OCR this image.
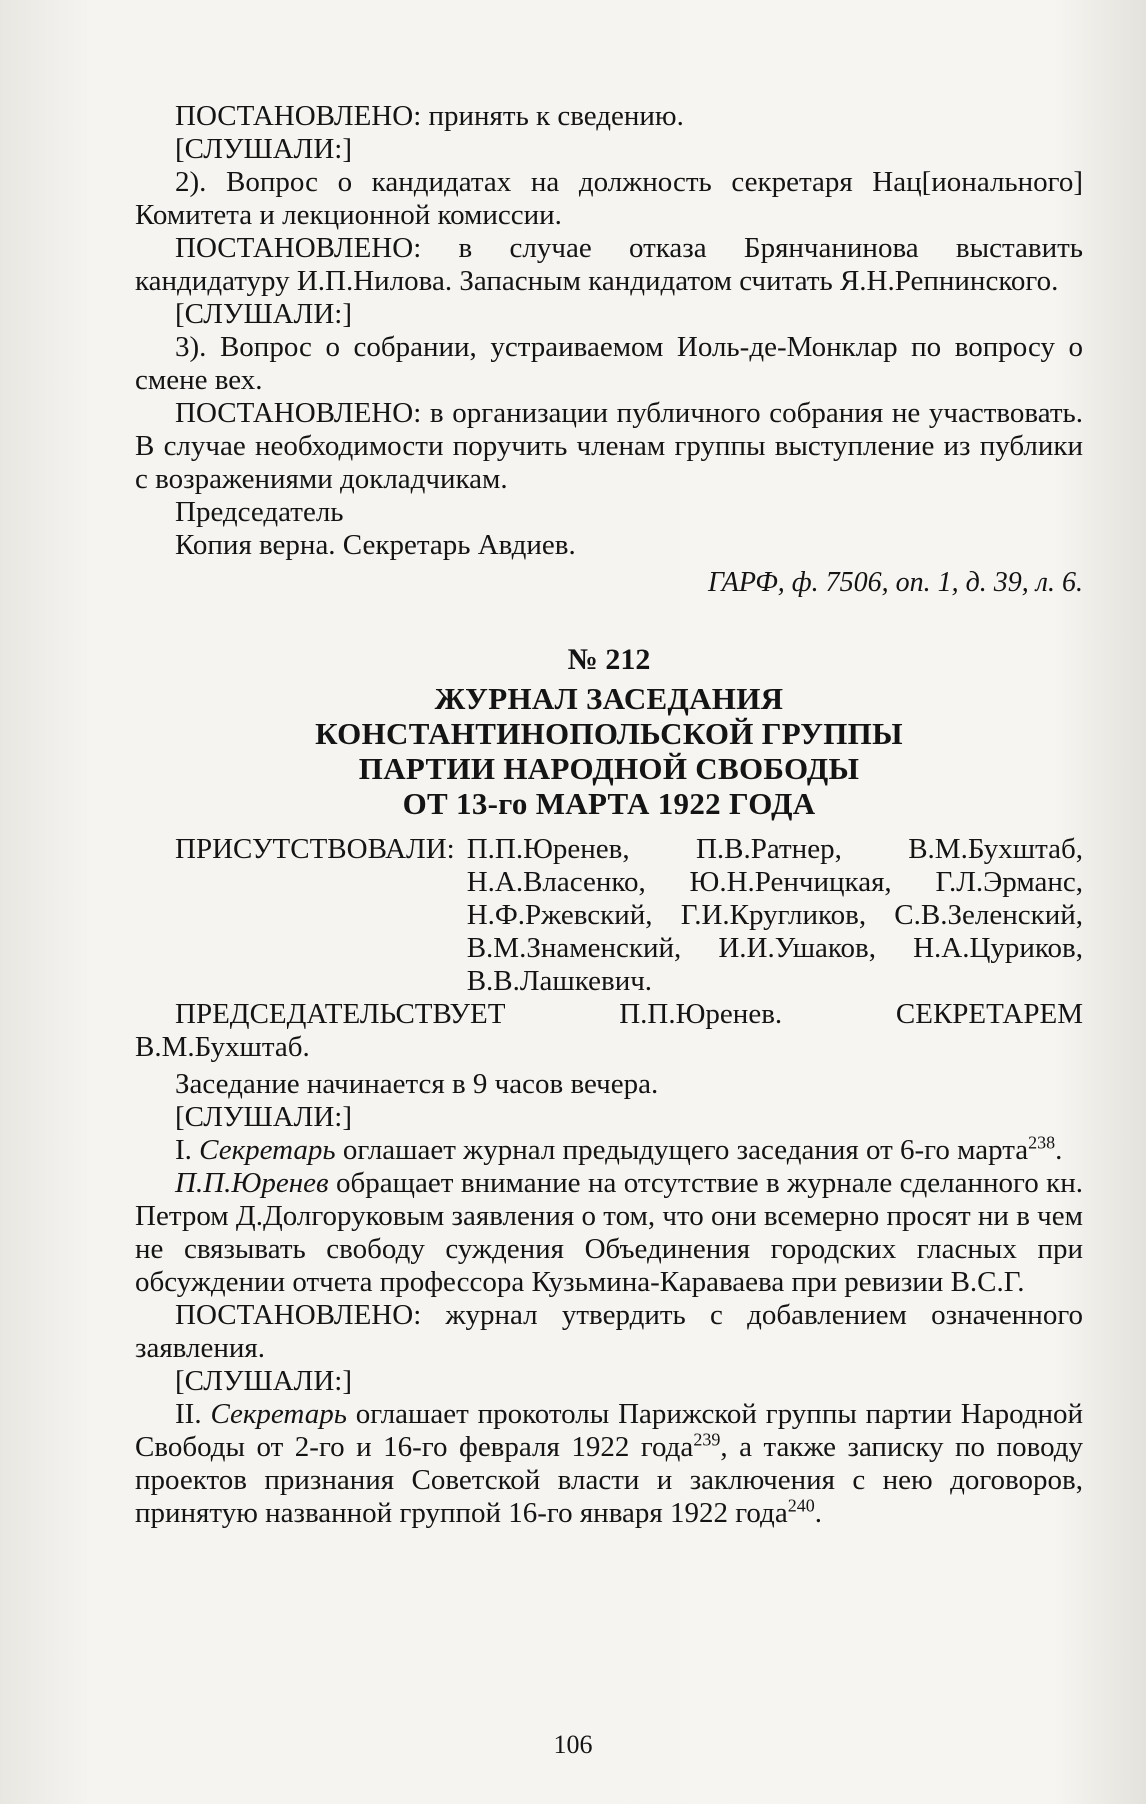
ПОСТАНОВЛЕНО: принять к сведению.

[СЛУШАЛИ:]

2). Вопрос о кандидатах на должность секретаря Нац[ионального] Комитета и лекционной комиссии.

ПОСТАНОВЛЕНО: в случае отказа Брянчанинова выставить кандидатуру И.П.Нилова. Запасным кандидатом считать Я.Н.Репнинского.

[СЛУШАЛИ:]

3). Вопрос о собрании, устраиваемом Иоль-де-Монклар по вопросу о смене вех.

ПОСТАНОВЛЕНО: в организации публичного собрания не участвовать. В случае необходимости поручить членам группы выступление из публики с возражениями докладчикам.

Председатель

Копия верна. Секретарь Авдиев.

ГАРФ, ф. 7506, оп. 1, д. 39, л. 6.

№ 212

ЖУРНАЛ ЗАСЕДАНИЯ

КОНСТАНТИНОПОЛЬСКОЙ ГРУППЫ

ПАРТИИ НАРОДНОЙ СВОБОДЫ

ОТ 13-го МАРТА 1922 ГОДА

ПРИСУТСТВОВАЛИ: П.П.Юренев, П.В.Ратнер, В.М.Бухштаб, Н.А.Власенко, Ю.Н.Ренчицкая, Г.Л.Эрманс, Н.Ф.Ржевский, Г.И.Кругликов, С.В.Зеленский, В.М.Знаменский, И.И.Ушаков, Н.А.Цуриков, В.В.Лашкевич.
ПРЕДСЕДАТЕЛЬСТВУЕТ	П.П.Юренев.	СЕКРЕТАРЕМ

В.М.Бухштаб.

Заседание начинается в 9 часов вечера.

[СЛУШАЛИ:]

I. Секретарь оглашает журнал предыдущего заседания от 6-го марта$^{238}$.

П.П.Юренев обращает внимание на отсутствие в журнале сделанного кн. Петром Д.Долгоруковым заявления о том, что они всемерно просят ни в чем не связывать свободу суждения Объединения городских гласных при обсуждении отчета профессора Кузьмина-Караваева при ревизии В.С.Г.

ПОСТАНОВЛЕНО: журнал утвердить с добавлением означенного заявления.

[СЛУШАЛИ:]

II. Секретарь оглашает прокотолы Парижской группы партии Народной Свободы от 2-го и 16-го февраля 1922 года$^{239}$, а также записку по поводу проектов признания Советской власти и заключения с нею договоров, принятую названной группой 16-го января 1922 года$^{240}$.

106
